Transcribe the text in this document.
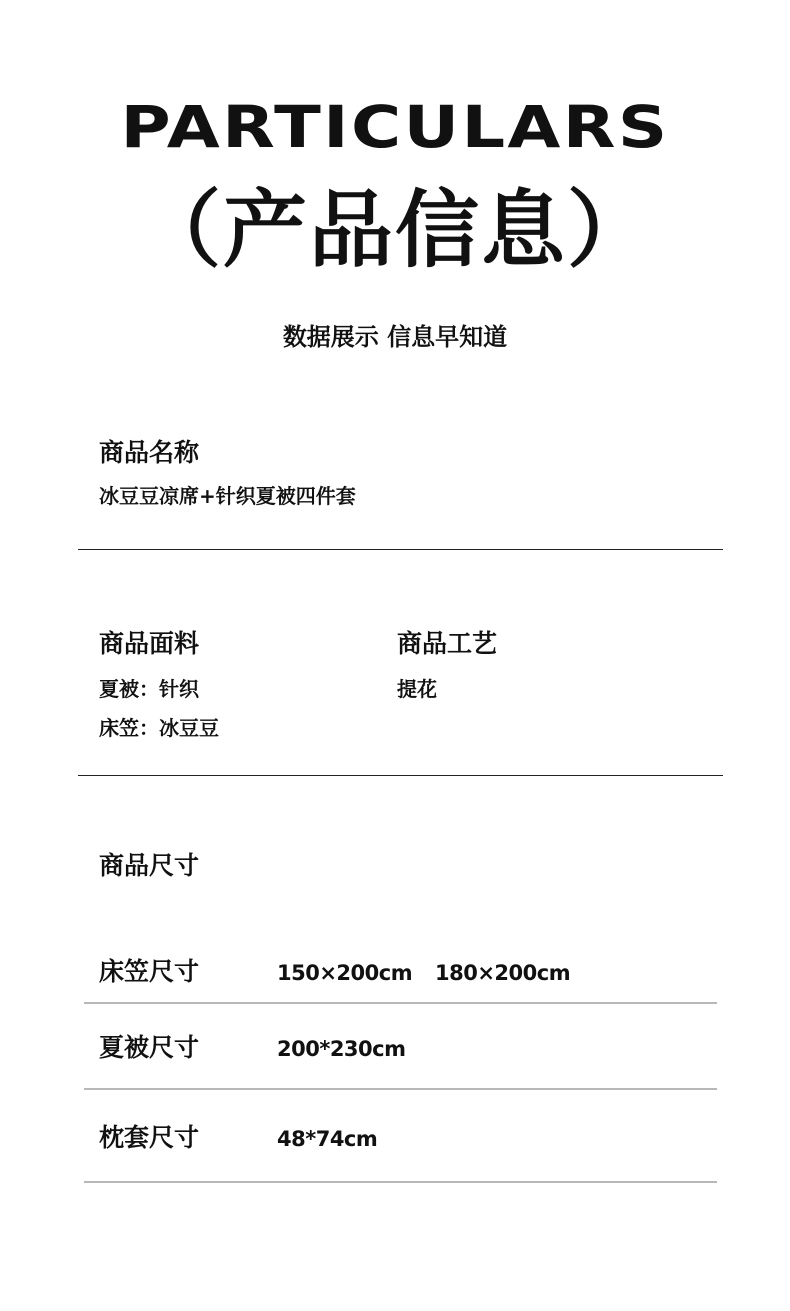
PARTICULARS
（产品信息）
数据展示 信息早知道
商品名称
冰豆豆凉席+针织夏被四件套
商品面料
夏被：针织
床笠：冰豆豆
商品工艺
提花
商品尺寸
床笠尺寸	150×200cm 180×200cm
夏被尺寸	200*230cm
枕套尺寸	48*74cm
